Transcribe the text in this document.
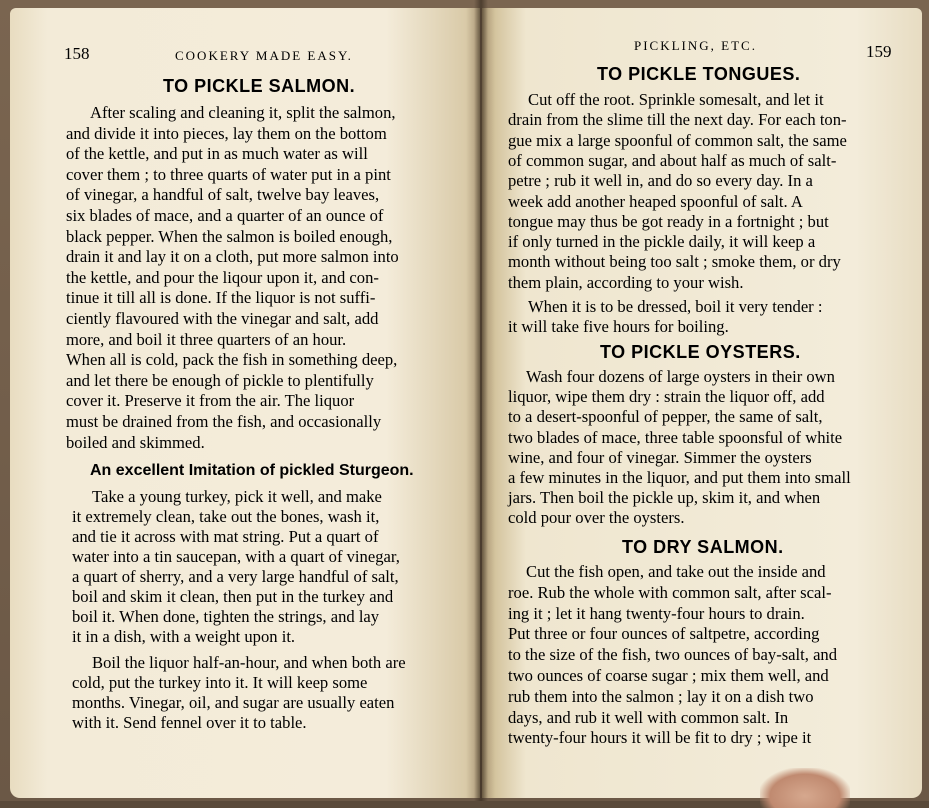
158	COOKERY MADE EASY.
PICKLING, ETC.	159
TO PICKLE SALMON.
After scaling and cleaning it, split the salmon,
and divide it into pieces, lay them on the bottom
of the kettle, and put in as much water as will
cover them ; to three quarts of water put in a pint
of vinegar, a handful of salt, twelve bay leaves,
six blades of mace, and a quarter of an ounce of
black pepper. When the salmon is boiled enough,
drain it and lay it on a cloth, put more salmon into
the kettle, and pour the liqour upon it, and con-
tinue it till all is done. If the liquor is not suffi-
ciently flavoured with the vinegar and salt, add
more, and boil it three quarters of an hour.
When all is cold, pack the fish in something deep,
and let there be enough of pickle to plentifully
cover it. Preserve it from the air. The liquor
must be drained from the fish, and occasionally
boiled and skimmed.
An excellent Imitation of pickled Sturgeon.
Take a young turkey, pick it well, and make
it extremely clean, take out the bones, wash it,
and tie it across with mat string. Put a quart of
water into a tin saucepan, with a quart of vinegar,
a quart of sherry, and a very large handful of salt,
boil and skim it clean, then put in the turkey and
boil it. When done, tighten the strings, and lay
it in a dish, with a weight upon it.
Boil the liquor half-an-hour, and when both are
cold, put the turkey into it. It will keep some
months. Vinegar, oil, and sugar are usually eaten
with it. Send fennel over it to table.
TO PICKLE TONGUES.
Cut off the root. Sprinkle somesalt, and let it
drain from the slime till the next day. For each ton-
gue mix a large spoonful of common salt, the same
of common sugar, and about half as much of salt-
petre ; rub it well in, and do so every day. In a
week add another heaped spoonful of salt. A
tongue may thus be got ready in a fortnight ; but
if only turned in the pickle daily, it will keep a
month without being too salt ; smoke them, or dry
them plain, according to your wish.
When it is to be dressed, boil it very tender :
it will take five hours for boiling.
TO PICKLE OYSTERS.
Wash four dozens of large oysters in their own
liquor, wipe them dry : strain the liquor off, add
to a desert-spoonful of pepper, the same of salt,
two blades of mace, three table spoonsful of white
wine, and four of vinegar. Simmer the oysters
a few minutes in the liquor, and put them into small
jars. Then boil the pickle up, skim it, and when
cold pour over the oysters.
TO DRY SALMON.
Cut the fish open, and take out the inside and
roe. Rub the whole with common salt, after scal-
ing it ; let it hang twenty-four hours to drain.
Put three or four ounces of saltpetre, according
to the size of the fish, two ounces of bay-salt, and
two ounces of coarse sugar ; mix them well, and
rub them into the salmon ; lay it on a dish two
days, and rub it well with common salt. In
twenty-four hours it will be fit to dry ; wipe it
